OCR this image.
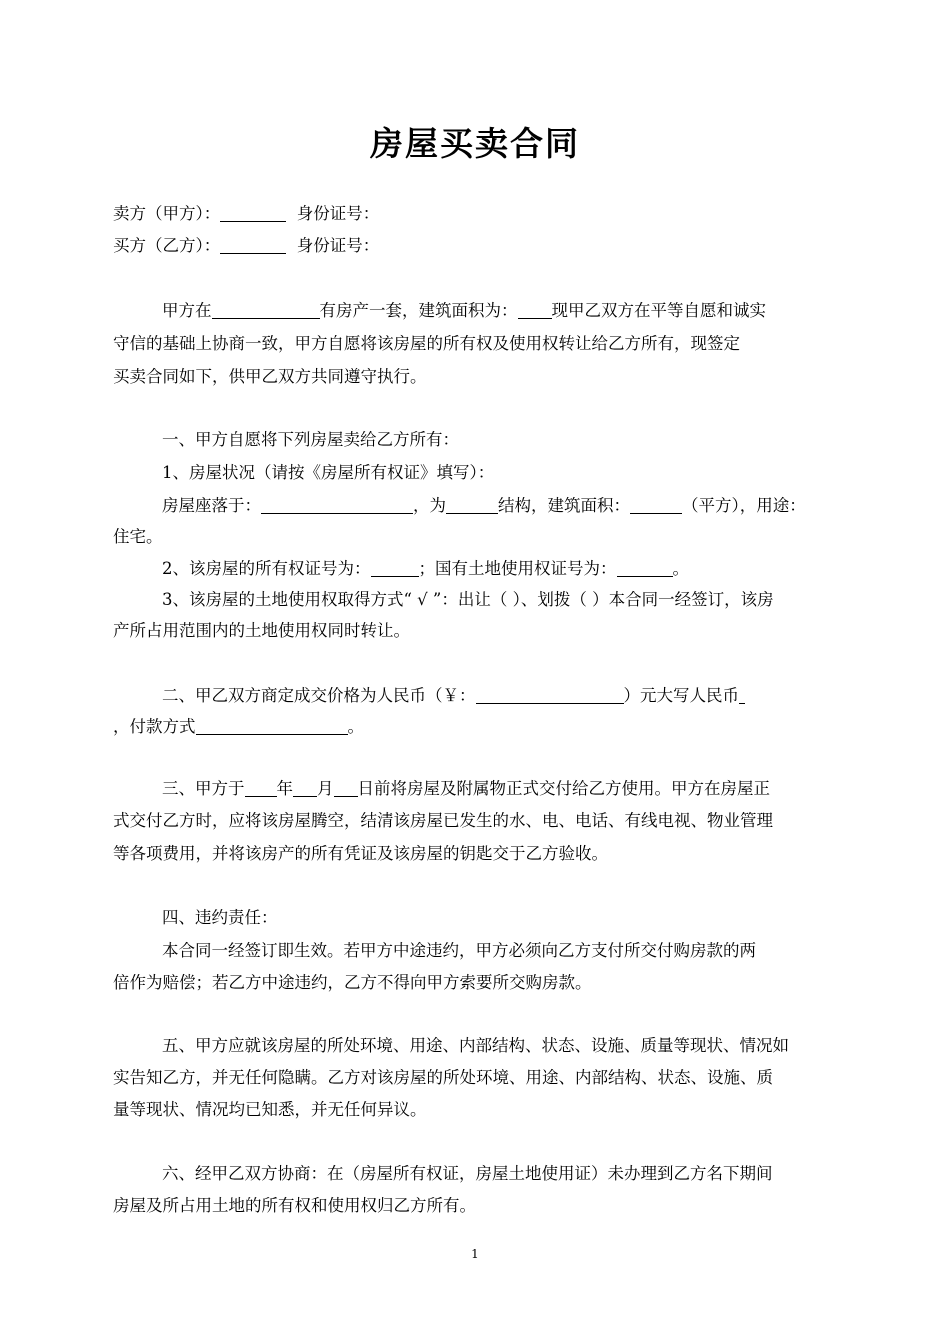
房屋买卖合同
卖方（甲方）：	身份证号：
买方（乙方）：	身份证号：
甲方在	有房产一套，建筑面积为： 现甲乙双方在平等自愿和诚实
守信的基础上协商一致，甲方自愿将该房屋的所有权及使用权转让给乙方所有，现签定
买卖合同如下，供甲乙双方共同遵守执行。
一、甲方自愿将下列房屋卖给乙方所有：
1、房屋状况（请按《房屋所有权证》填写）：
房屋座落于：	，为	结构，建筑面积：	（平方），用途：
住宅。
2、该房屋的所有权证号为：	；国有土地使用权证号为：	。
3、该房屋的土地使用权取得方式“ √ ”：出让（ ）、划拨（ ）本合同一经签订，该房
产所占用范围内的土地使用权同时转让。
二、甲乙双方商定成交价格为人民币（￥：	）元大写人民币
，付款方式	。
三、甲方于 年 月 日前将房屋及附属物正式交付给乙方使用。甲方在房屋正
式交付乙方时，应将该房屋腾空，结清该房屋已发生的水、电、电话、有线电视、物业管理
等各项费用，并将该房产的所有凭证及该房屋的钥匙交于乙方验收。
四、违约责任：
本合同一经签订即生效。若甲方中途违约，甲方必须向乙方支付所交付购房款的两
倍作为赔偿；若乙方中途违约，乙方不得向甲方索要所交购房款。
五、甲方应就该房屋的所处环境、用途、内部结构、状态、设施、质量等现状、情况如
实告知乙方，并无任何隐瞒。乙方对该房屋的所处环境、用途、内部结构、状态、设施、质
量等现状、情况均已知悉，并无任何异议。
六、经甲乙双方协商：在（房屋所有权证，房屋土地使用证）未办理到乙方名下期间
房屋及所占用土地的所有权和使用权归乙方所有。
1
